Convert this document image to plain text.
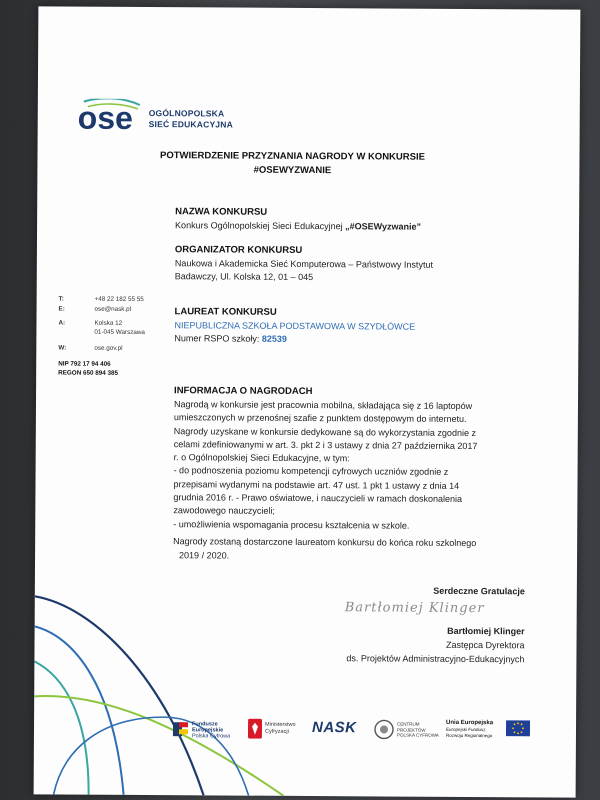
ose OGÓLNOPOLSKA
SIEĆ EDUKACYJNA
POTWIERDZENIE PRZYZNANIA NAGRODY W KONKURSIE
#OSEWYZWANIE
NAZWA KONKURSU
Konkurs Ogólnopolskiej Sieci Edukacyjnej „#OSEWyzwanie”
ORGANIZATOR KONKURSU
Naukowa i Akademicka Sieć Komputerowa – Państwowy Instytut
Badawczy, Ul. Kolska 12, 01 – 045
T:	+48 22 182 55 55
E:	ose@nask.pl
A:	Kolska 12
01-045 Warszawa
W:	ose.gov.pl
NIP 792 17 94 406
REGON 650 894 385
LAUREAT KONKURSU
NIEPUBLICZNA SZKOŁA PODSTAWOWA W SZYDŁÓWCE
Numer RSPO szkoły: 82539
INFORMACJA O NAGRODACH

Nagrodą w konkursie jest pracownia mobilna, składająca się z 16 laptopów

umieszczonych w przenośnej szafie z punktem dostępowym do internetu.

Nagrody uzyskane w konkursie dedykowane są do wykorzystania zgodnie z

celami zdefiniowanymi w art. 3. pkt 2 i 3 ustawy z dnia 27 października 2017

r. o Ogólnopolskiej Sieci Edukacyjne, w tym:

- do podnoszenia poziomu kompetencji cyfrowych uczniów zgodnie z

przepisami wydanymi na podstawie art. 47 ust. 1 pkt 1 ustawy z dnia 14

grudnia 2016 r. - Prawo oświatowe, i nauczycieli w ramach doskonalenia

zawodowego nauczycieli;

- umożliwienia wspomagania procesu kształcenia w szkole.

Nagrody zostaną dostarczone laureatom konkursu do końca roku szkolnego
2019 / 2020.
Serdeczne Gratulacje
Bartłomiej Klinger
Bartłomiej Klinger
Zastępca Dyrektora
ds. Projektów Administracyjno-Edukacyjnych
Fundusze
Europejskie
Polska Cyfrowa
Ministerstwo
Cyfryzacji	NASK	CENTRUM
PROJEKTÓW
POLSKA CYFROWA
Unia Europejska
Europejski Fundusz
Rozwoju Regionalnego
